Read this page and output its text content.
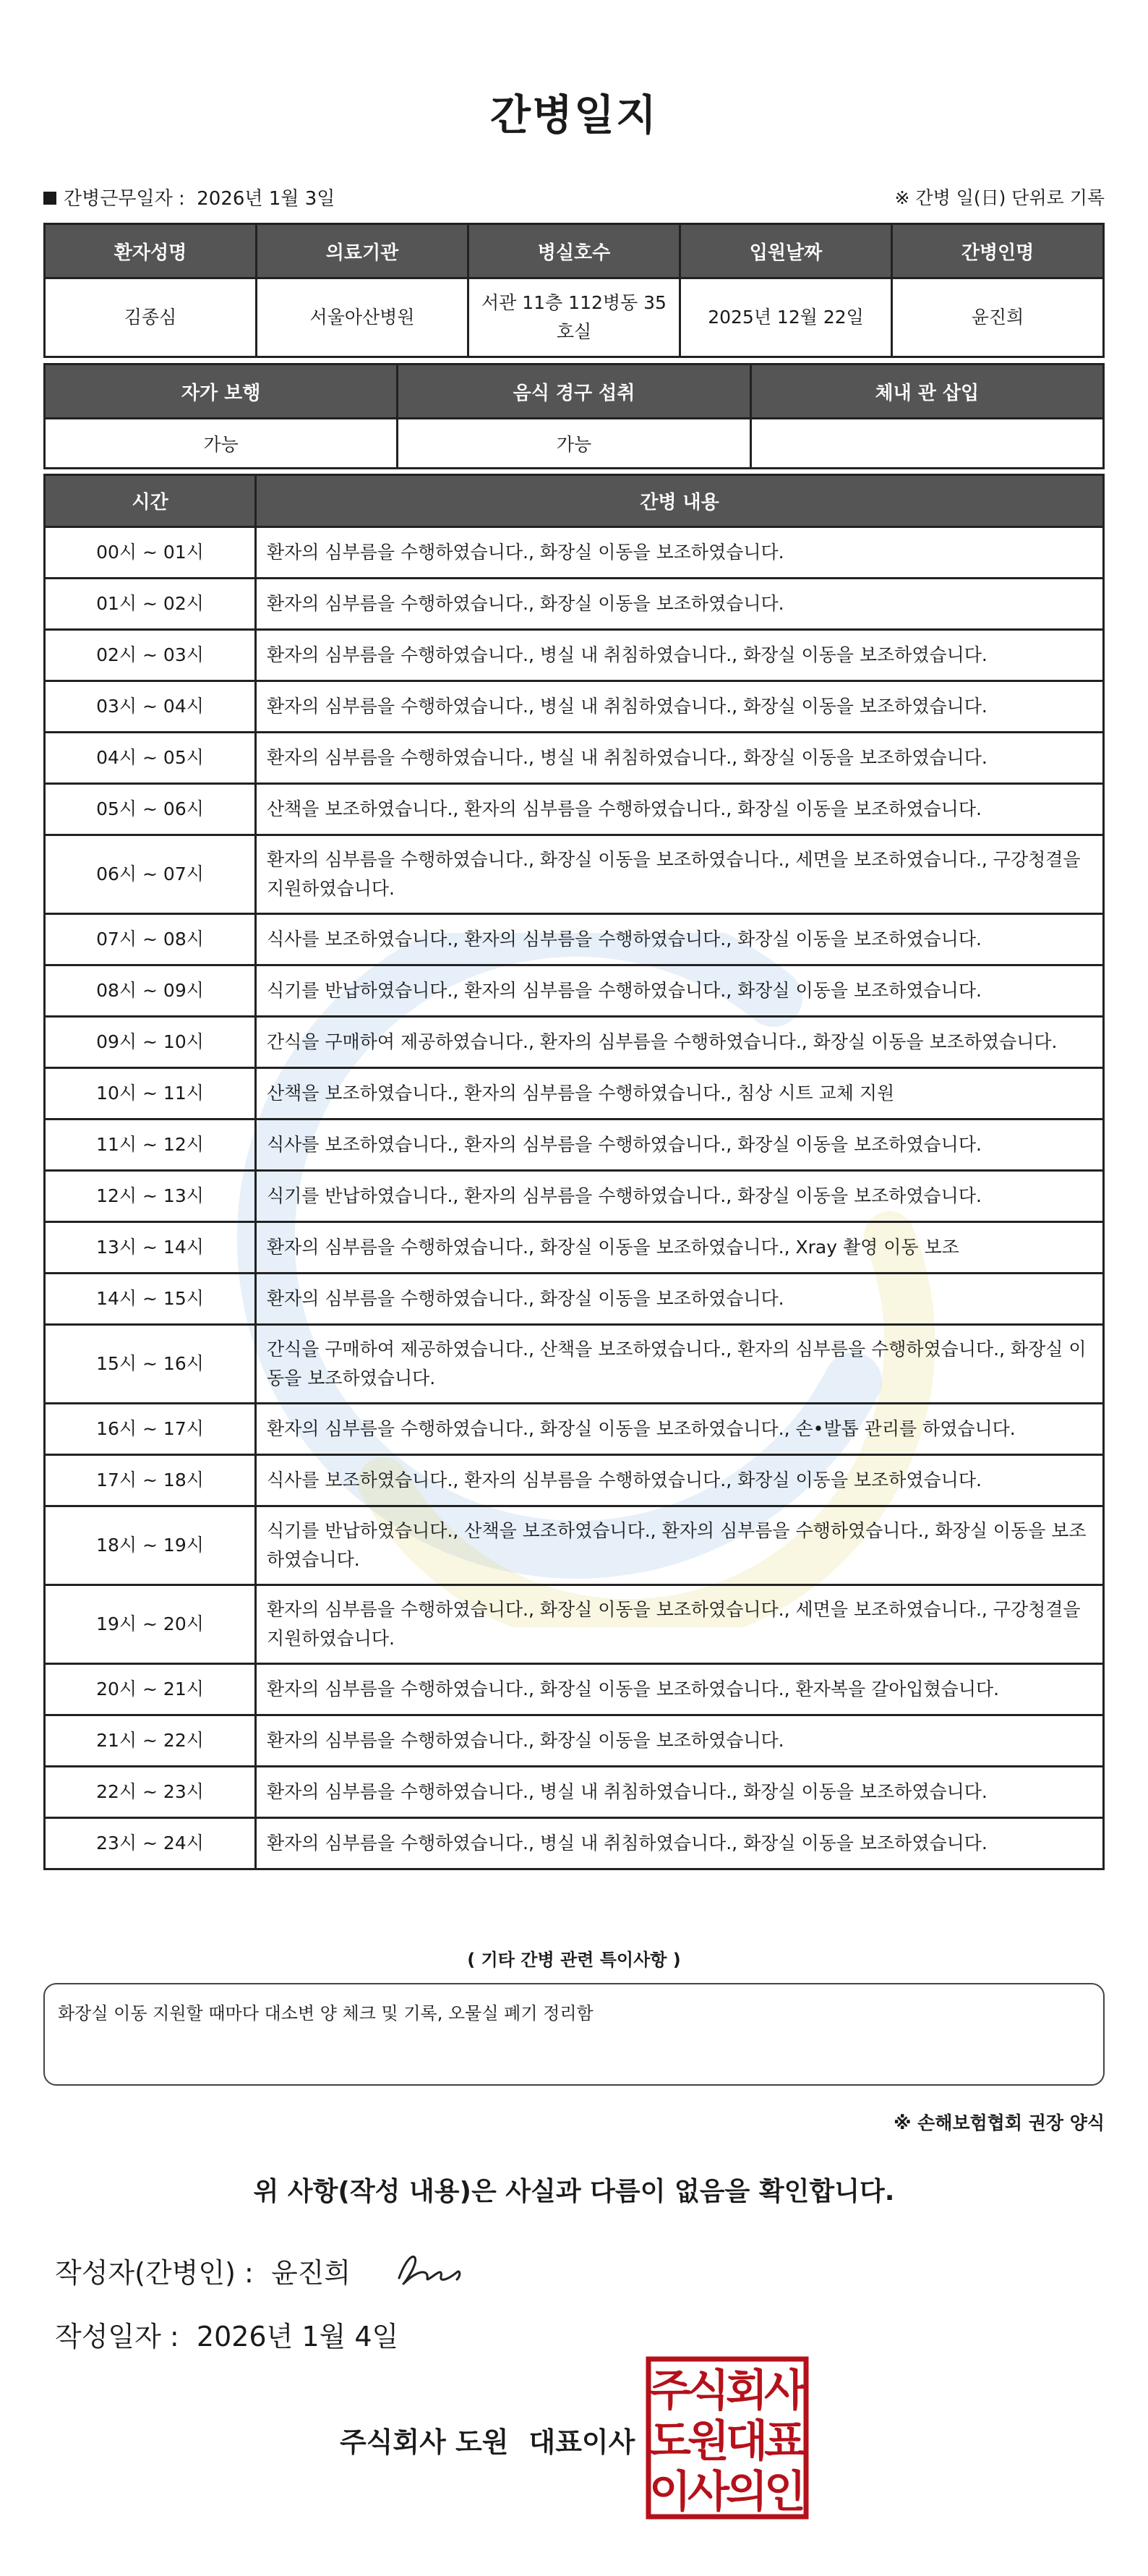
간병일지
간병근무일자 :  2026년 1월 3일	※ 간병 일(日) 단위로 기록
환자성명	의료기관	병실호수	입원날짜	간병인명
김종심	서울아산병원	서관 11층 112병동 35호실	2025년 12월 22일	윤진희
자가 보행	음식 경구 섭취	체내 관 삽입
가능	가능	
시간	간병 내용
00시 ~ 01시	환자의 심부름을 수행하였습니다., 화장실 이동을 보조하였습니다.
01시 ~ 02시	환자의 심부름을 수행하였습니다., 화장실 이동을 보조하였습니다.
02시 ~ 03시	환자의 심부름을 수행하였습니다., 병실 내 취침하였습니다., 화장실 이동을 보조하였습니다.
03시 ~ 04시	환자의 심부름을 수행하였습니다., 병실 내 취침하였습니다., 화장실 이동을 보조하였습니다.
04시 ~ 05시	환자의 심부름을 수행하였습니다., 병실 내 취침하였습니다., 화장실 이동을 보조하였습니다.
05시 ~ 06시	산책을 보조하였습니다., 환자의 심부름을 수행하였습니다., 화장실 이동을 보조하였습니다.
06시 ~ 07시	환자의 심부름을 수행하였습니다., 화장실 이동을 보조하였습니다., 세면을 보조하였습니다., 구강청결을 지원하였습니다.
07시 ~ 08시	식사를 보조하였습니다., 환자의 심부름을 수행하였습니다., 화장실 이동을 보조하였습니다.
08시 ~ 09시	식기를 반납하였습니다., 환자의 심부름을 수행하였습니다., 화장실 이동을 보조하였습니다.
09시 ~ 10시	간식을 구매하여 제공하였습니다., 환자의 심부름을 수행하였습니다., 화장실 이동을 보조하였습니다.
10시 ~ 11시	산책을 보조하였습니다., 환자의 심부름을 수행하였습니다., 침상 시트 교체 지원
11시 ~ 12시	식사를 보조하였습니다., 환자의 심부름을 수행하였습니다., 화장실 이동을 보조하였습니다.
12시 ~ 13시	식기를 반납하였습니다., 환자의 심부름을 수행하였습니다., 화장실 이동을 보조하였습니다.
13시 ~ 14시	환자의 심부름을 수행하였습니다., 화장실 이동을 보조하였습니다., Xray 촬영 이동 보조
14시 ~ 15시	환자의 심부름을 수행하였습니다., 화장실 이동을 보조하였습니다.
15시 ~ 16시	간식을 구매하여 제공하였습니다., 산책을 보조하였습니다., 환자의 심부름을 수행하였습니다., 화장실 이동을 보조하였습니다.
16시 ~ 17시	환자의 심부름을 수행하였습니다., 화장실 이동을 보조하였습니다., 손•발톱 관리를 하였습니다.
17시 ~ 18시	식사를 보조하였습니다., 환자의 심부름을 수행하였습니다., 화장실 이동을 보조하였습니다.
18시 ~ 19시	식기를 반납하였습니다., 산책을 보조하였습니다., 환자의 심부름을 수행하였습니다., 화장실 이동을 보조하였습니다.
19시 ~ 20시	환자의 심부름을 수행하였습니다., 화장실 이동을 보조하였습니다., 세면을 보조하였습니다., 구강청결을 지원하였습니다.
20시 ~ 21시	환자의 심부름을 수행하였습니다., 화장실 이동을 보조하였습니다., 환자복을 갈아입혔습니다.
21시 ~ 22시	환자의 심부름을 수행하였습니다., 화장실 이동을 보조하였습니다.
22시 ~ 23시	환자의 심부름을 수행하였습니다., 병실 내 취침하였습니다., 화장실 이동을 보조하였습니다.
23시 ~ 24시	환자의 심부름을 수행하였습니다., 병실 내 취침하였습니다., 화장실 이동을 보조하였습니다.
( 기타 간병 관련 특이사항 )
화장실 이동 지원할 때마다 대소변 양 체크 및 기록, 오물실 폐기 정리함
※ 손해보험협회 권장 양식
위 사항(작성 내용)은 사실과 다름이 없음을 확인합니다.
작성자(간병인) :  윤진희
작성일자 :  2026년 1월 4일
주식회사 도원 대표이사
주
식
회
사
도
원
대
표
이
사
의
인
